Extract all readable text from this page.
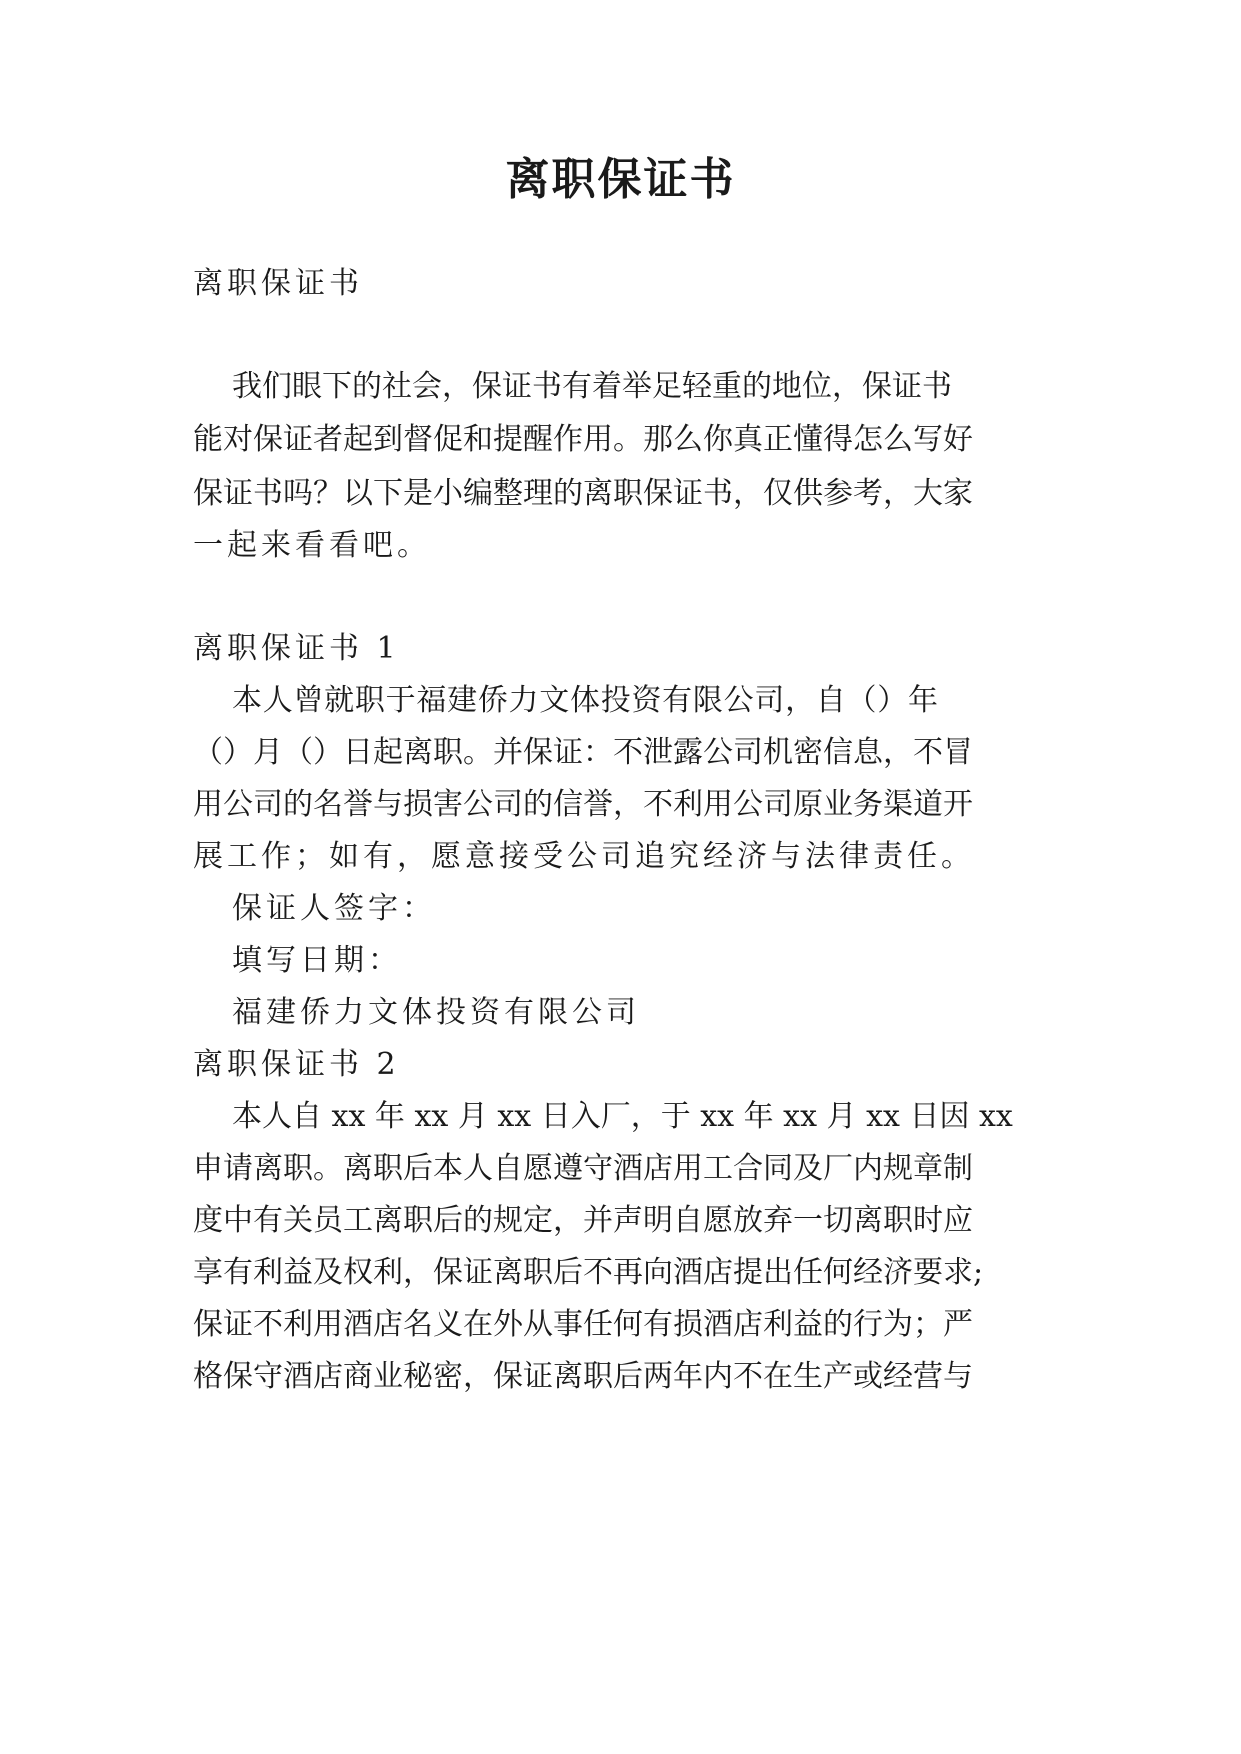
离职保证书

离职保证书

我们眼下的社会，保证书有着举足轻重的地位，保证书

能对保证者起到督促和提醒作用。那么你真正懂得怎么写好

保证书吗？以下是小编整理的离职保证书，仅供参考，大家

一起来看看吧。

离职保证书 1

本人曾就职于福建侨力文体投资有限公司，自（）年

（）月（）日起离职。并保证：不泄露公司机密信息，不冒

用公司的名誉与损害公司的信誉，不利用公司原业务渠道开

展工作；如有，愿意接受公司追究经济与法律责任。

保证人签字：

填写日期：

福建侨力文体投资有限公司

离职保证书 2

本人自 xx 年 xx 月 xx 日入厂，于 xx 年 xx 月 xx 日因 xx

申请离职。离职后本人自愿遵守酒店用工合同及厂内规章制

度中有关员工离职后的规定，并声明自愿放弃一切离职时应

享有利益及权利，保证离职后不再向酒店提出任何经济要求;

保证不利用酒店名义在外从事任何有损酒店利益的行为；严

格保守酒店商业秘密，保证离职后两年内不在生产或经营与
